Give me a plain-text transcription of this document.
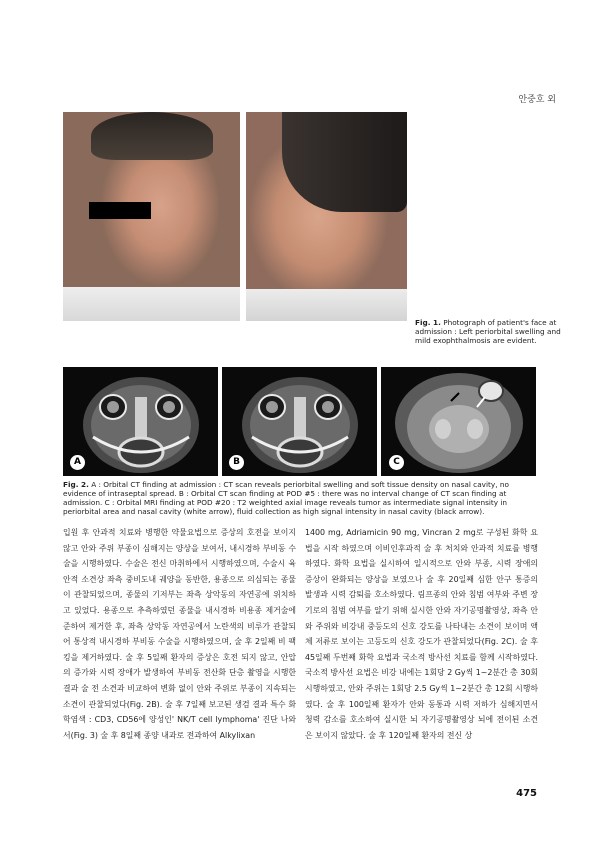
안중호 외
Fig. 1. Photograph of patient's face at admission : Left periorbital swelling and mild exophthalmosis are evident.
A	B	C
Fig. 2. A : Orbital CT finding at admission : CT scan reveals periorbital swelling and soft tissue density on nasal cavity, no evidence of intraseptal spread. B : Orbital CT scan finding at POD #5 : there was no interval change of CT scan finding at admission. C : Orbital MRI finding at POD #20 : T2 weighted axial image reveals tumor as intermediate signal intensity in periorbital area and nasal cavity (white arrow), fluid collection as high signal intensity in nasal cavity (black arrow).
입원 후 안과적 치료와 병행한 약물요법으로 증상의 호전을 보이지 않고 안와 주위 부종이 심해지는 양상을 보여서, 내시경하 부비동 수술을 시행하였다. 수술은 전신 마취하에서 시행하였으며, 수술시 육안적 소견상 좌측 중비도내 궤양을 동반한, 용종으로 의심되는 종물이 관찰되었으며, 종물의 기저부는 좌측 상악동의 자연공에 위치하고 있었다. 용종으로 추측하였던 종물을 내시경하 비용종 제거술에 준하여 제거한 후, 좌측 상악동 자연공에서 노란색의 비루가 관찰되어 통상적 내시경하 부비동 수술을 시행하였으며, 술 후 2일째 비 팩킹을 제거하였다. 술 후 5일째 환자의 증상은 호전 되지 않고, 안압의 증가와 시력 장애가 발생하여 부비동 전산화 단층 촬영을 시행한 결과 술 전 소견과 비교하여 변화 없이 안와 주위로 부종이 지속되는 소견이 관찰되었다(Fig. 2B). 술 후 7일째 보고된 생검 결과 특수 화학염색 : CD3, CD56에 양성인' NK/T cell lymphoma' 진단 나와서(Fig. 3) 술 후 8일째 종양 내과로 전과하여 Alkylixan
1400 mg, Adriamicin 90 mg, Vincran 2 mg로 구성된 화학 요법을 시작 하였으며 이비인후과적 술 후 처치와 안과적 치료를 병행하였다. 화학 요법을 실시하여 일시적으로 안와 부종, 시력 장애의 증상이 완화되는 양상을 보였으나 술 후 20일째 심한 안구 통증의 발생과 시력 감퇴를 호소하였다. 림프종의 안와 침범 여부와 주변 장기로의 침범 여부를 알기 위해 실시한 안와 자기공명촬영상, 좌측 안와 주위와 비강내 중등도의 신호 강도를 나타내는 소견이 보이며 액체 저류로 보이는 고등도의 신호 강도가 관찰되었다(Fig. 2C). 술 후 45일째 두번째 화학 요법과 국소적 방사선 치료를 함께 시작하였다. 국소적 방사선 요법은 비강 내에는 1회당 2 Gy씩 1~2분간 총 30회 시행하였고, 안와 주위는 1회당 2.5 Gy씩 1~2분간 총 12회 시행하였다. 술 후 100일째 환자가 안와 동통과 시력 저하가 심해지면서 청력 감소를 호소하여 실시한 뇌 자기공명촬영상 뇌에 전이된 소견은 보이지 않았다. 술 후 120일째 환자의 전신 상
475
